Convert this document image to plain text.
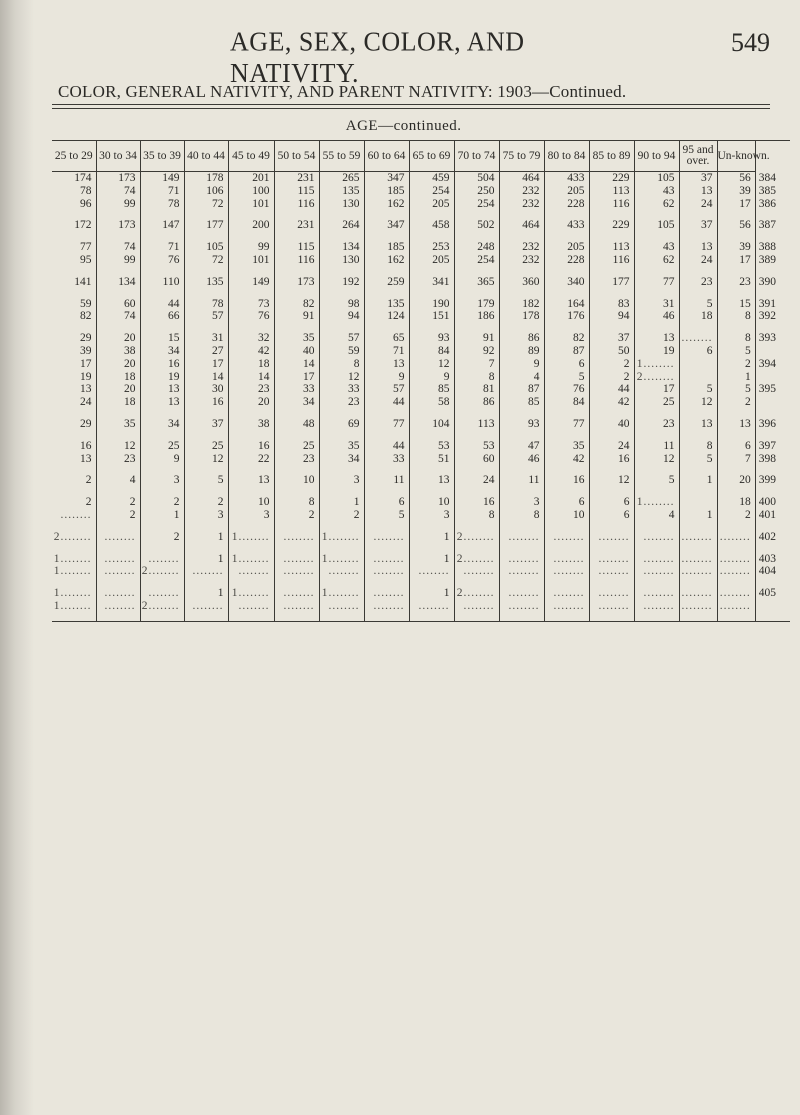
AGE, SEX, COLOR, AND NATIVITY.
549
COLOR, GENERAL NATIVITY, AND PARENT NATIVITY: 1903—Continued.
AGE—continued.																
25 to 29	30 to 34	35 to 39	40 to 44	45 to 49	50 to 54	55 to 59	60 to 64	65 to 69	70 to 74	75 to 79	80 to 84	85 to 89	90 to 94	95 and over.	Un-known.	
174	173	149	178	201	231	265	347	459	504	464	433	229	105	37	56	384
78	74	71	106	100	115	135	185	254	250	232	205	113	43	13	39	385
96	99	78	72	101	116	130	162	205	254	232	228	116	62	24	17	386

172	173	147	177	200	231	264	347	458	502	464	433	229	105	37	56	387

77	74	71	105	99	115	134	185	253	248	232	205	113	43	13	39	388
95	99	76	72	101	116	130	162	205	254	232	228	116	62	24	17	389

141	134	110	135	149	173	192	259	341	365	360	340	177	77	23	23	390

59	60	44	78	73	82	98	135	190	179	182	164	83	31	5	15	391
82	74	66	57	76	91	94	124	151	186	178	176	94	46	18	8	392

29	20	15	31	32	35	57	65	93	91	86	82	37	13	........	8	393
39	38	34	27	42	40	59	71	84	92	89	87	50	19	6	5	
17	20	16	17	18	14	8	13	12	7	9	6	2	1........		2	394
19	18	19	14	14	17	12	9	9	8	4	5	2	2........		1	
13	20	13	30	23	33	33	57	85	81	87	76	44	17	5	5	395
24	18	13	16	20	34	23	44	58	86	85	84	42	25	12	2	

29	35	34	37	38	48	69	77	104	113	93	77	40	23	13	13	396

16	12	25	25	16	25	35	44	53	53	47	35	24	11	8	6	397
13	23	9	12	22	23	34	33	51	60	46	42	16	12	5	7	398

2	4	3	5	13	10	3	11	13	24	11	16	12	5	1	20	399

2	2	2	2	10	8	1	6	10	16	3	6	6	1........		18	400
........	2	1	3	3	2	2	5	3	8	8	10	6	4	1	2	401

2........	........	2	1	1........	........	1........	........	1	2........	........	........	........	........	........	........	402

1........	........	........	1	1........	........	1........	........	1	2........	........	........	........	........	........	........	403
1........	........	2........	........	........	........	........	........	........	........	........	........	........	........	........	........	404

1........	........	........	1	1........	........	1........	........	1	2........	........	........	........	........	........	........	405
1........	........	2........	........	........	........	........	........	........	........	........	........	........	........	........	........	
